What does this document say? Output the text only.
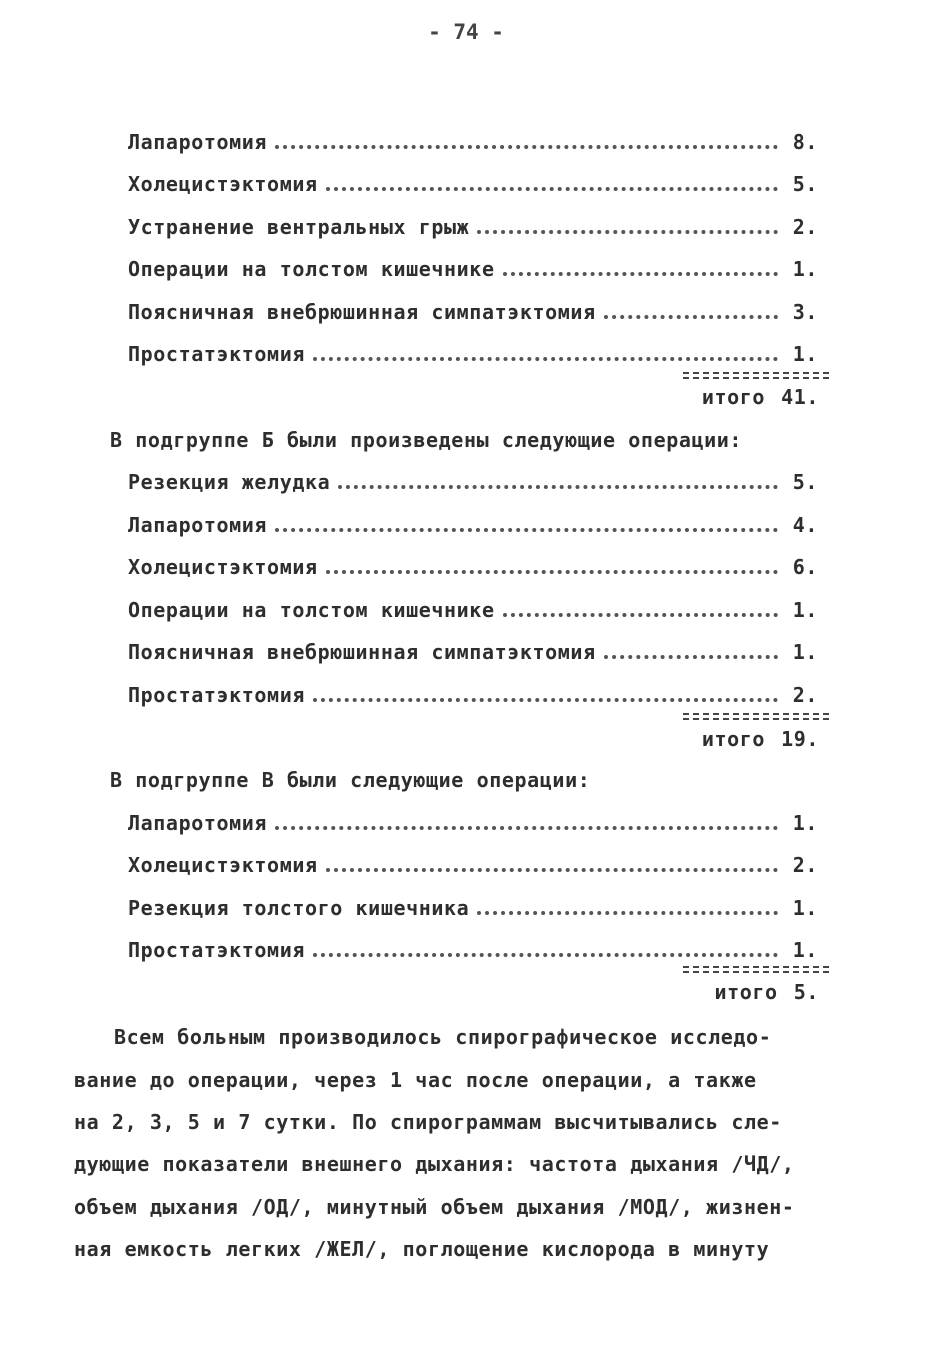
- 74 -
Лапаротомия	8.
Холецистэктомия	5.
Устранение вентральных грыж	2.
Операции на толстом кишечнике	1.
Поясничная внебрюшинная симпатэктомия	3.
Простатэктомия	1.
итого 41.
В подгруппе Б были произведены следующие операции:
Резекция желудка	5.
Лапаротомия	4.
Холецистэктомия	6.
Операции на толстом кишечнике	1.
Поясничная внебрюшинная симпатэктомия	1.
Простатэктомия	2.
итого 19.
В подгруппе В были следующие операции:
Лапаротомия	1.
Холецистэктомия	2.
Резекция толстого кишечника	1.
Простатэктомия	1.
итого 5.
Всем больным производилось спирографическое исследо-
вание до операции, через 1 час после операции, а также
на 2, 3, 5 и 7 сутки. По спирограммам высчитывались сле-
дующие показатели внешнего дыхания: частота дыхания /ЧД/,
объем дыхания /ОД/, минутный объем дыхания /МОД/, жизнен-
ная емкость легких /ЖЕЛ/, поглощение кислорода в минуту
